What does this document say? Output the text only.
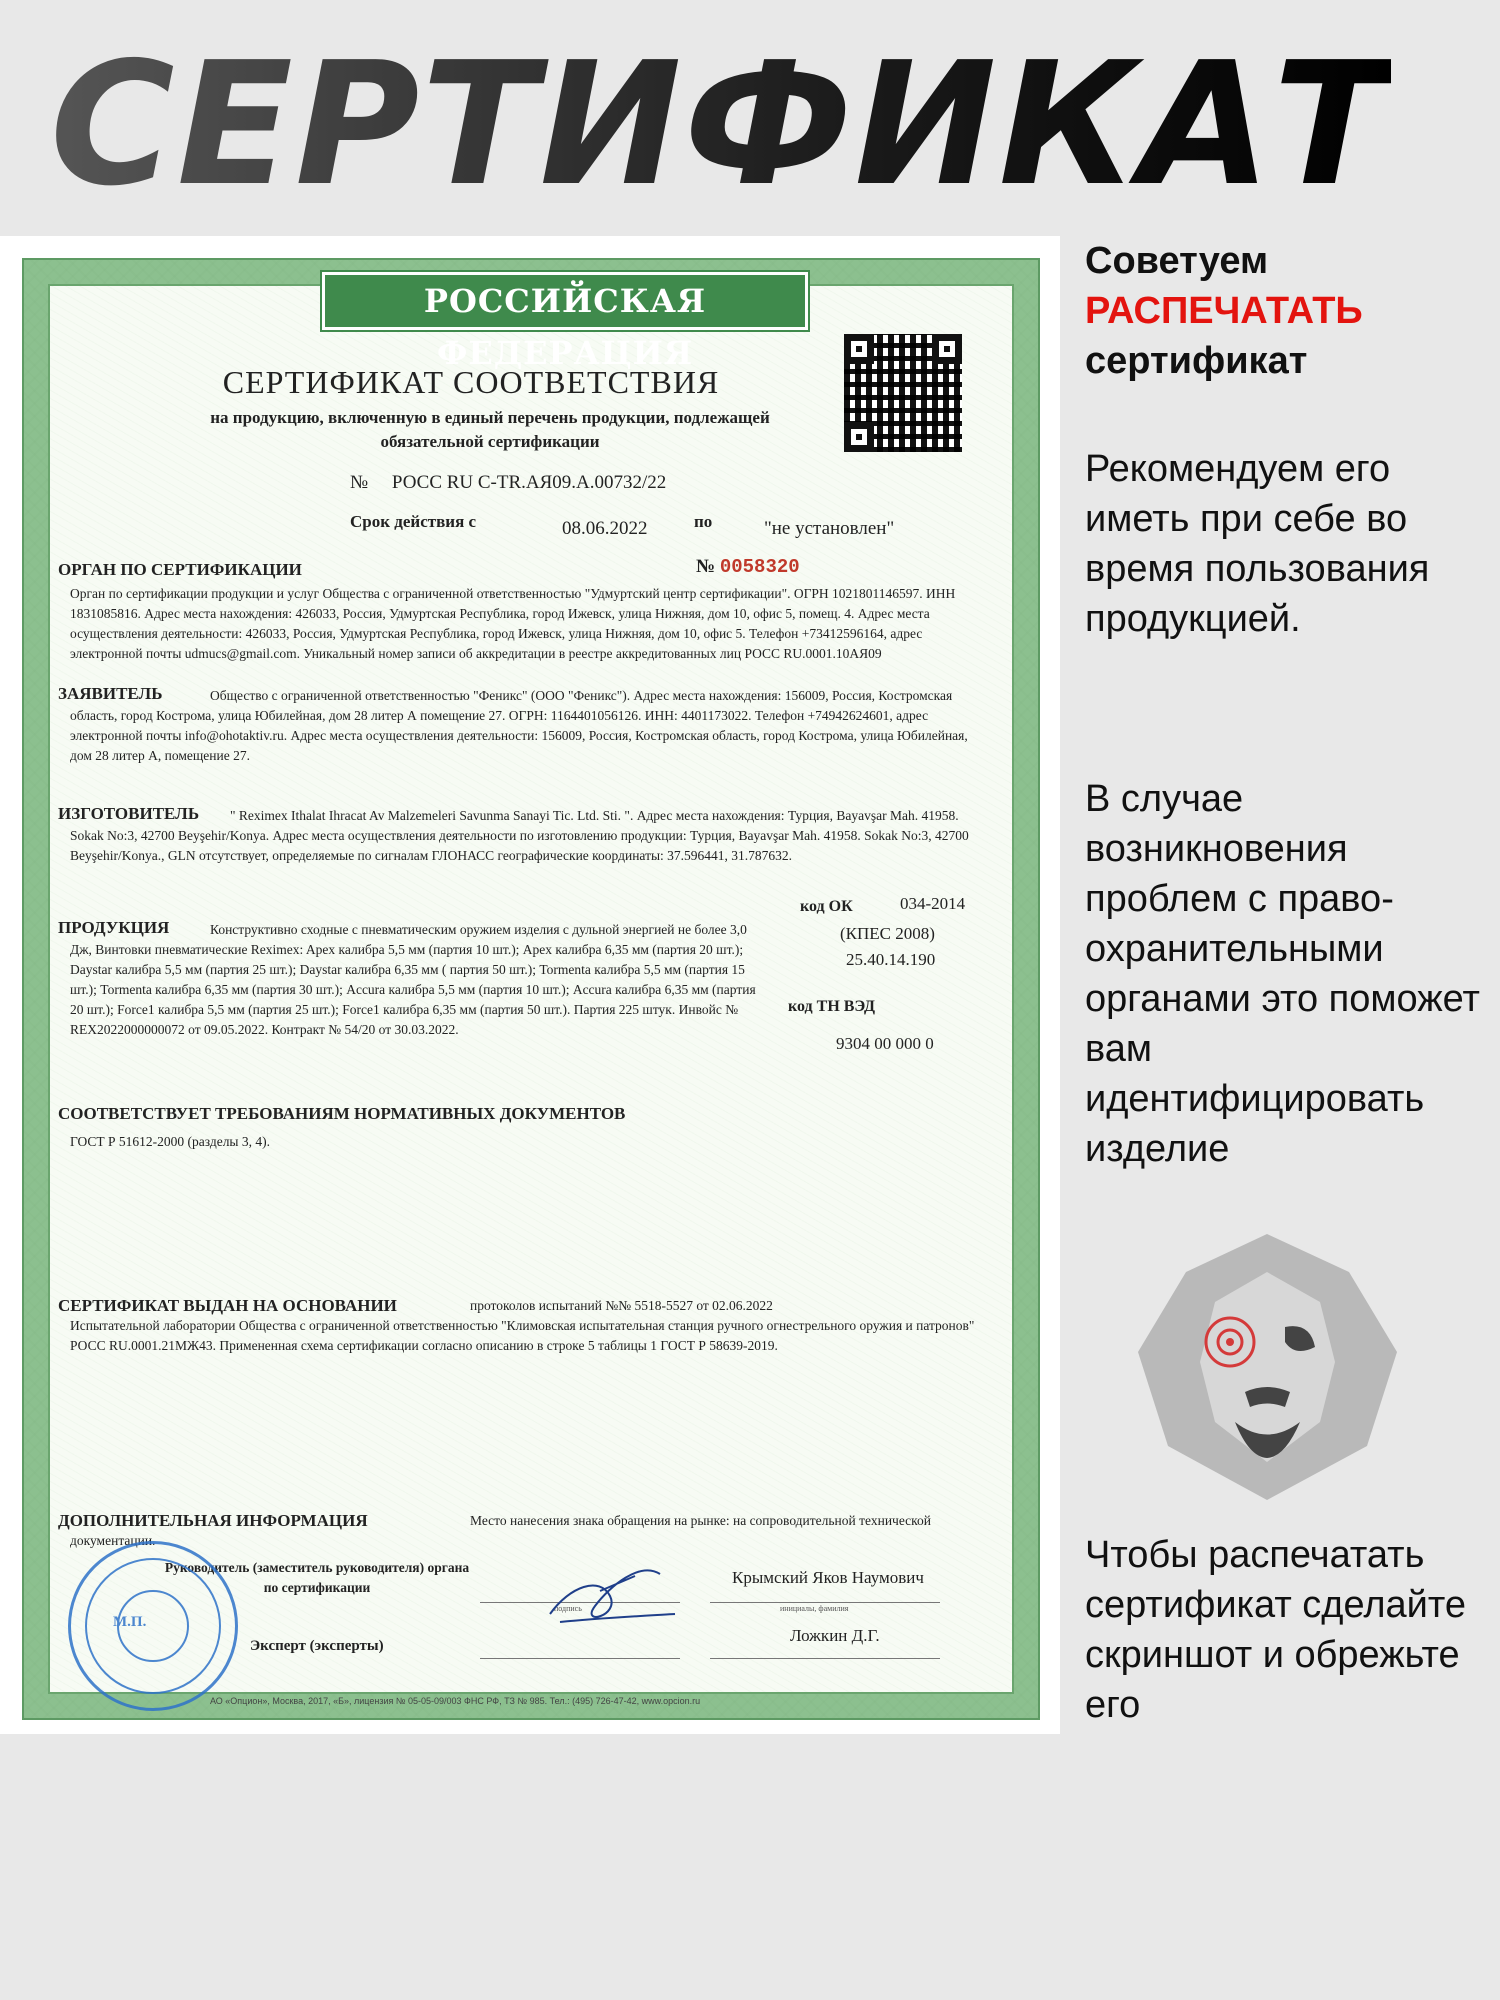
СЕРТИФИКАТ
РОССИЙСКАЯ ФЕДЕРАЦИЯ

СЕРТИФИКАТ СООТВЕТСТВИЯ

на продукцию, включенную в единый перечень продукции, подлежащей обязательной сертификации

№ РОСС RU С-TR.АЯ09.А.00732/22

Срок действия с	08.06.2022	по	"не установлен"

№ 0058320

ОРГАН ПО СЕРТИФИКАЦИИ

Орган по сертификации продукции и услуг Общества с ограниченной ответственностью "Удмуртский центр сертификации". ОГРН 1021801146597. ИНН 1831085816. Адрес места нахождения: 426033, Россия, Удмуртская Республика, город Ижевск, улица Нижняя, дом 10, офис 5, помещ. 4. Адрес места осуществления деятельности: 426033, Россия, Удмуртская Республика, город Ижевск, улица Нижняя, дом 10, офис 5. Телефон +73412596164, адрес электронной почты udmucs@gmail.com. Уникальный номер записи об аккредитации в реестре аккредитованных лиц РОСС RU.0001.10АЯ09

ЗАЯВИТЕЛЬ	Общество с ограниченной ответственностью "Феникс" (ООО "Феникс"). Адрес места нахождения: 156009, Россия, Костромская область, город Кострома, улица Юбилейная, дом 28 литер А помещение 27. ОГРН: 1164401056126. ИНН: 4401173022. Телефон +74942624601, адрес электронной почты info@ohotaktiv.ru. Адрес места осуществления деятельности: 156009, Россия, Костромская область, город Кострома, улица Юбилейная, дом 28 литер А, помещение 27.

ИЗГОТОВИТЕЛЬ	" Reximex Ithalat Ihracat Av Malzemeleri Savunma Sanayi Tic. Ltd. Sti. ". Адрес места нахождения: Турция, Bayavşar Mah. 41958. Sokak No:3, 42700 Beyşehir/Konya. Адрес места осуществления деятельности по изготовлению продукции: Турция, Bayavşar Mah. 41958. Sokak No:3, 42700 Beyşehir/Konya., GLN отсутствует, определяемые по сигналам ГЛОНАСС географические координаты: 37.596441, 31.787632.

код ОК	034-2014

(КПЕС 2008)

25.40.14.190

код ТН ВЭД

9304 00 000 0

ПРОДУКЦИЯ	Конструктивно сходные с пневматическим оружием изделия с дульной энергией не более 3,0 Дж, Винтовки пневматические Reximex: Apex калибра 5,5 мм (партия 10 шт.); Apex калибра 6,35 мм (партия 20 шт.); Daystar калибра 5,5 мм (партия 25 шт.); Daystar калибра 6,35 мм ( партия 50 шт.); Tormenta калибра 5,5 мм (партия 15 шт.); Tormenta калибра 6,35 мм (партия 30 шт.); Accura калибра 5,5 мм (партия 10 шт.); Accura калибра 6,35 мм (партия 20 шт.); Force1 калибра 5,5 мм (партия 25 шт.); Force1 калибра 6,35 мм (партия 50 шт.). Партия 225 штук. Инвойс № REX2022000000072 от 09.05.2022. Контракт № 54/20 от 30.03.2022.

СООТВЕТСТВУЕТ ТРЕБОВАНИЯМ НОРМАТИВНЫХ ДОКУМЕНТОВ

ГОСТ Р 51612-2000 (разделы 3, 4).

СЕРТИФИКАТ ВЫДАН НА ОСНОВАНИИ	протоколов испытаний №№ 5518-5527 от 02.06.2022

Испытательной лаборатории Общества с ограниченной ответственностью "Климовская испытательная станция ручного огнестрельного оружия и патронов" РОСС RU.0001.21МЖ43. Примененная схема сертификации согласно описанию в строке 5 таблицы 1 ГОСТ Р 58639-2019.

ДОПОЛНИТЕЛЬНАЯ ИНФОРМАЦИЯ	Место нанесения знака обращения на рынке: на сопроводительной технической документации.

Руководитель (заместитель руководителя) органа по сертификации

Крымский Яков Наумович

подпись	инициалы, фамилия

Эксперт (эксперты)

Ложкин Д.Г.

М.П.

АО «Опцион», Москва, 2017, «Б», лицензия № 05-05-09/003 ФНС РФ, ТЗ № 985. Тел.: (495) 726-47-42, www.opcion.ru

Советуем
РАСПЕЧАТАТЬ
сертификат

Рекомендуем его иметь при себе во время пользования продукцией.

В случае возникновения проблем с право-охранительными органами это поможет вам идентифицировать изделие

Чтобы распечатать сертификат сделайте скриншот и обрежьте его
